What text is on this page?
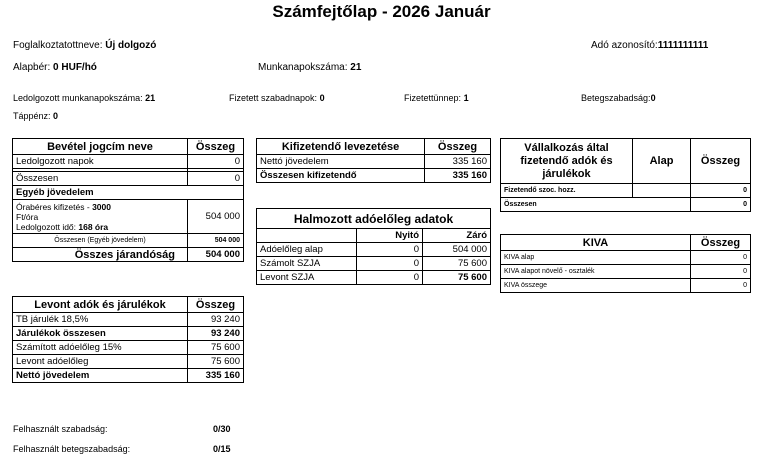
Számfejtőlap - 2026 Január
Foglalkoztatottneve: Új dolgozó	Adó azonosító:1111111111
Alapbér: 0 HUF/hó	Munkanapokszáma: 21
Ledolgozott munkanapokszáma: 21	Fizetett szabadnapok: 0	Fizetettünnep: 1	Betegszabadság:0
Táppénz: 0
Bevétel jogcím neve	Összeg
Ledolgozott napok	0

Összesen	0
Egyéb jövedelem	
Órabéres kifizetés - 3000
Ft/óra
Ledolgozott idő: 168 óra	504 000
Összesen (Egyéb jövedelem)	504 000
Összes járandóság	504 000
Levont adók és járulékok	Összeg
TB járulék 18,5%	93 240
Járulékok összesen	93 240
Számított adóelőleg 15%	75 600
Levont adóelőleg	75 600
Nettó jövedelem	335 160
Kifizetendő levezetése	Összeg
Nettó jövedelem	335 160
Összesen kifizetendő	335 160
Halmozott adóelőleg adatok		
	Nyitó	Záró
Adóelőleg alap	0	504 000
Számolt SZJA	0	75 600
Levont SZJA	0	75 600
Vállalkozás által fizetendő adók és járulékok	Alap	Összeg
Fizetendő szoc. hozz.		0
Összesen		0
KIVA	Összeg
KIVA alap	0
KIVA alapot növelő - osztalék	0
KIVA összege	0
Felhasznált szabadság:	0/30
Felhasznált betegszabadság:	0/15
